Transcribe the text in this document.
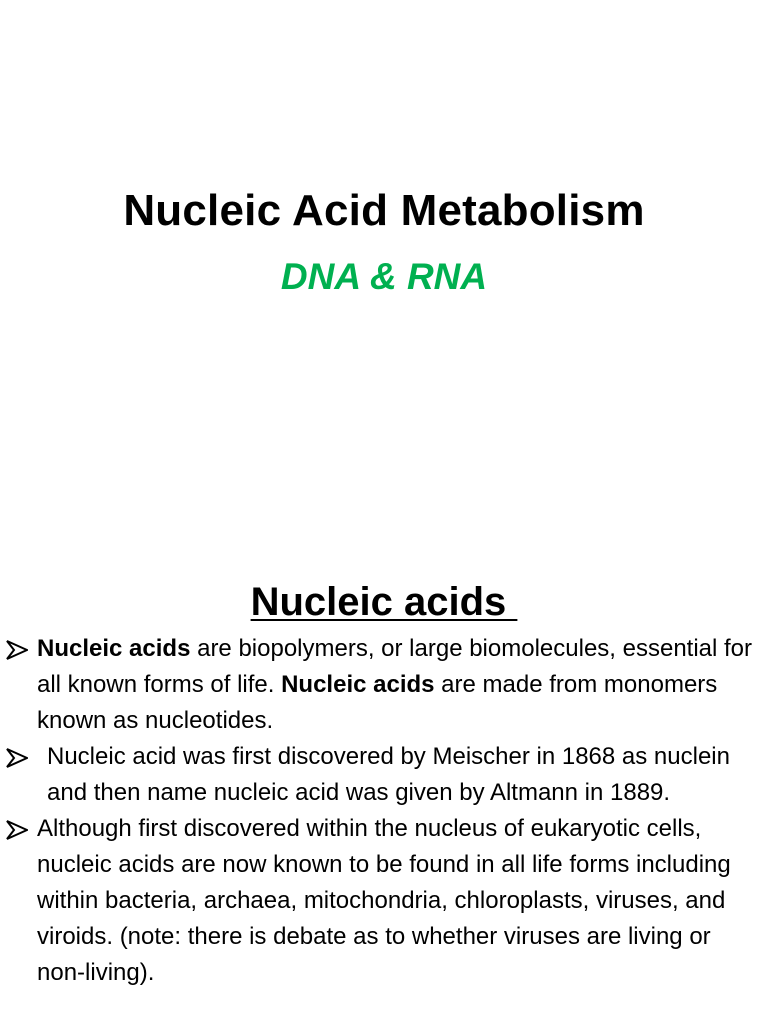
Nucleic Acid Metabolism
DNA & RNA
Nucleic acids
Nucleic acids are biopolymers, or large biomolecules, essential for all known forms of life. Nucleic acids are made from monomers known as nucleotides.
Nucleic acid was first discovered by Meischer in 1868 as nuclein and then name nucleic acid was given by Altmann in 1889.
Although first discovered within the nucleus of eukaryotic cells, nucleic acids are now known to be found in all life forms including within bacteria, archaea, mitochondria, chloroplasts, viruses, and viroids. (note: there is debate as to whether viruses are living or non-living).
